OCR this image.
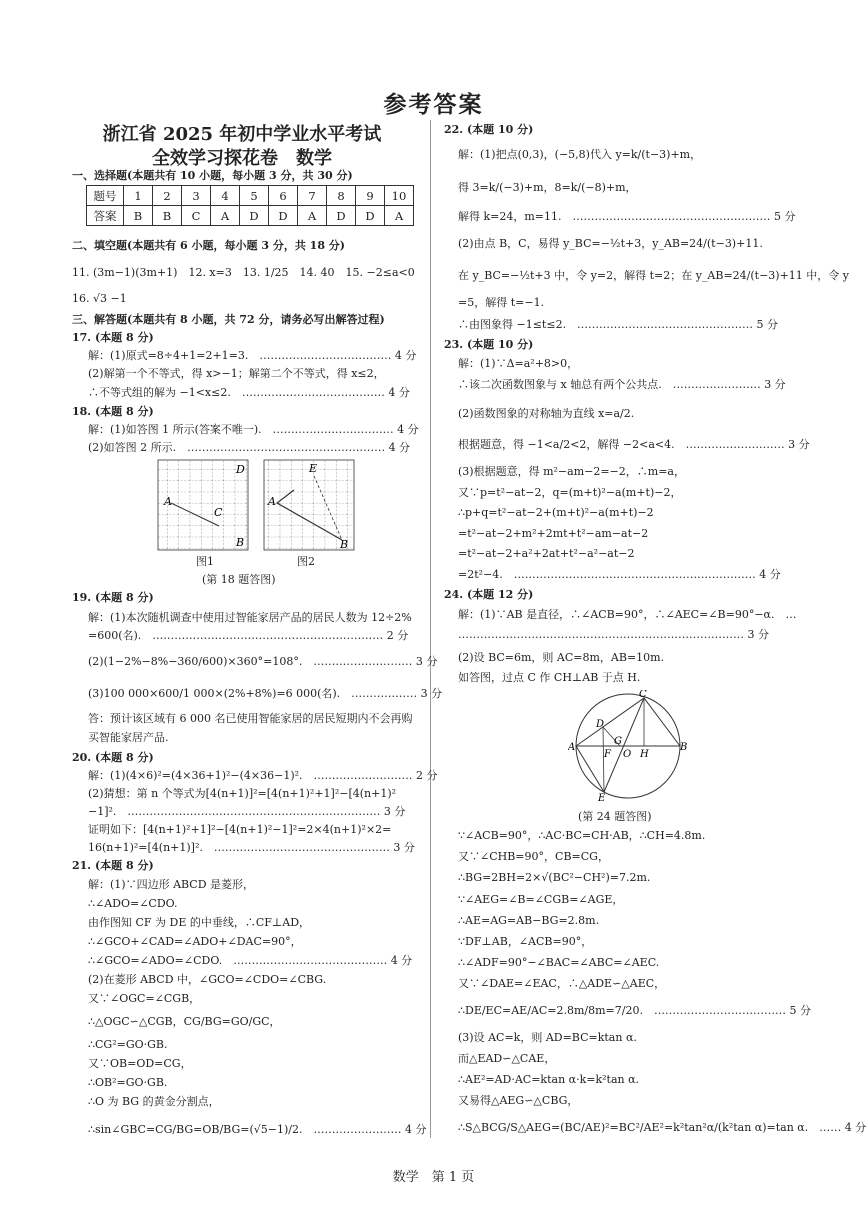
参考答案
浙江省 2025 年初中学业水平考试
全效学习探花卷　数学
一、选择题(本题共有 10 小题，每小题 3 分，共 30 分)
题号	1	2	3	4	5	6	7	8	9	10
答案	B	B	C	A	D	D	A	D	D	A
二、填空题(本题共有 6 小题，每小题 3 分，共 18 分)
11. (3m−1)(3m+1)　12. x=3　13. 1/25　14. 40　15. −2≤a<0
16. √3 −1
三、解答题(本题共有 8 小题，共 72 分，请务必写出解答过程)
17. (本题 8 分)
解：(1)原式=8÷4+1=2+1=3.　……………………………… 4 分
(2)解第一个不等式，得 x>−1；解第二个不等式，得 x≤2，
∴不等式组的解为 −1<x≤2.　………………………………… 4 分
18. (本题 8 分)
解：(1)如答图 1 所示(答案不唯一).　…………………………… 4 分
(2)如答图 2 所示.　……………………………………………… 4 分
A
C
D
B
A
E
B
图1	图2
(第 18 题答图)
19. (本题 8 分)
解：(1)本次随机调查中使用过智能家居产品的居民人数为 12÷2%
=600(名).　……………………………………………………… 2 分
(2)(1−2%−8%−360/600)×360°=108°.　……………………… 3 分
(3)100 000×600/1 000×(2%+8%)=6 000(名).　……………… 3 分
答：预计该区域有 6 000 名已使用智能家居的居民短期内不会再购
买智能家居产品.
20. (本题 8 分)
解：(1)(4×6)²=(4×36+1)²−(4×36−1)².　……………………… 2 分
(2)猜想：第 n 个等式为[4(n+1)]²=[4(n+1)²+1]²−[4(n+1)²
−1]².　…………………………………………………………… 3 分
证明如下：[4(n+1)²+1]²−[4(n+1)²−1]²=2×4(n+1)²×2=
16(n+1)²=[4(n+1)]².　………………………………………… 3 分
21. (本题 8 分)
解：(1)∵四边形 ABCD 是菱形，
∴∠ADO=∠CDO.
由作图知 CF 为 DE 的中垂线，∴CF⊥AD，
∴∠GCO+∠CAD=∠ADO+∠DAC=90°，
∴∠GCO=∠ADO=∠CDO.　…………………………………… 4 分
(2)在菱形 ABCD 中，∠GCO=∠CDO=∠CBG.
又∵∠OGC=∠CGB，
∴△OGC∽△CGB，CG/BG=GO/GC，
∴CG²=GO·GB.
又∵OB=OD=CG，
∴OB²=GO·GB.
∴O 为 BG 的黄金分割点，
∴sin∠GBC=CG/BG=OB/BG=(√5−1)/2.　…………………… 4 分
22. (本题 10 分)
解：(1)把点(0,3)，(−5,8)代入 y=k/(t−3)+m，
得 3=k/(−3)+m，8=k/(−8)+m，
解得 k=24，m=11.　……………………………………………… 5 分
(2)由点 B，C，易得 y_BC=−½t+3，y_AB=24/(t−3)+11.
在 y_BC=−½t+3 中，令 y=2，解得 t=2；在 y_AB=24/(t−3)+11 中，令 y
=5，解得 t=−1.
∴由图象得 −1≤t≤2.　………………………………………… 5 分
23. (本题 10 分)
解：(1)∵Δ=a²+8>0，
∴该二次函数图象与 x 轴总有两个公共点.　…………………… 3 分
(2)函数图象的对称轴为直线 x=a/2.
根据题意，得 −1<a/2<2，解得 −2<a<4.　……………………… 3 分
(3)根据题意，得 m²−am−2=−2，∴m=a，
又∵p=t²−at−2，q=(m+t)²−a(m+t)−2，
∴p+q=t²−at−2+(m+t)²−a(m+t)−2
=t²−at−2+m²+2mt+t²−am−at−2
=t²−at−2+a²+2at+t²−a²−at−2
=2t²−4.　………………………………………………………… 4 分
24. (本题 12 分)
解：(1)∵AB 是直径，∴∠ACB=90°，∴∠AEC=∠B=90°−α.　…
…………………………………………………………………… 3 分
(2)设 BC=6m，则 AC=8m，AB=10m.
如答图，过点 C 作 CH⊥AB 于点 H.
C
A	B
D
G
F O H
E
(第 24 题答图)
∵∠ACB=90°，∴AC·BC=CH·AB，∴CH=4.8m.
又∵∠CHB=90°，CB=CG，
∴BG=2BH=2×√(BC²−CH²)=7.2m.
∵∠AEG=∠B=∠CGB=∠AGE，
∴AE=AG=AB−BG=2.8m.
∵DF⊥AB，∠ACB=90°，
∴∠ADF=90°−∠BAC=∠ABC=∠AEC.
又∵∠DAE=∠EAC，∴△ADE∽△AEC，
∴DE/EC=AE/AC=2.8m/8m=7/20.　……………………………… 5 分
(3)设 AC=k，则 AD=BC=ktan α.
而△EAD∽△CAE，
∴AE²=AD·AC=ktan α·k=k²tan α.
又易得△AEG∽△CBG，
∴S△BCG/S△AEG=(BC/AE)²=BC²/AE²=k²tan²α/(k²tan α)=tan α.　…… 4 分
数学　第 1 页
